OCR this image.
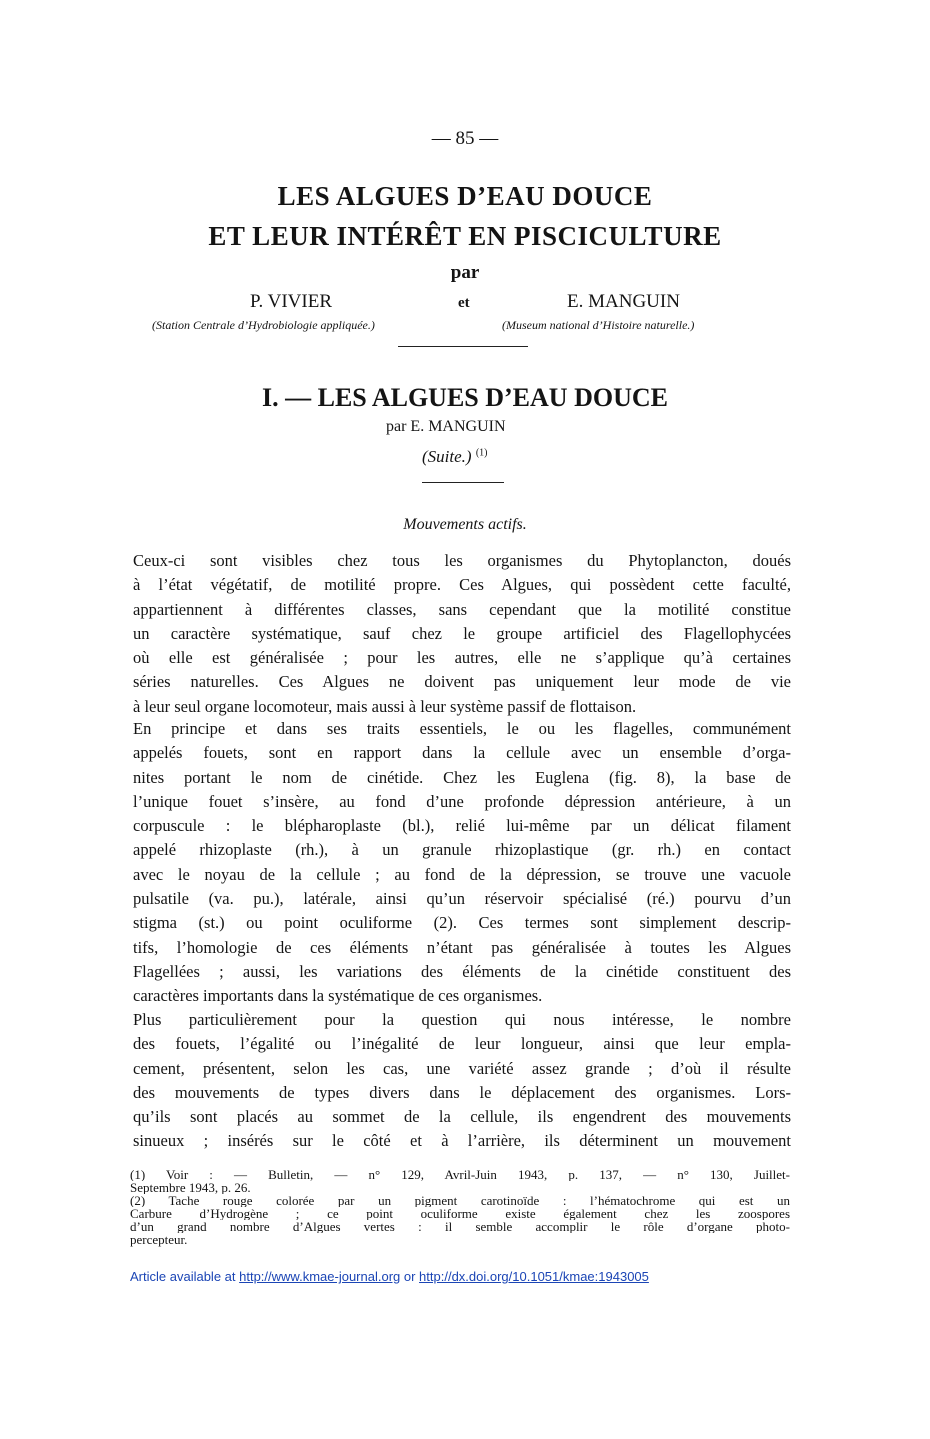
— 85 —
LES ALGUES D’EAU DOUCE
ET LEUR INTÉRÊT EN PISCICULTURE
par
P. VIVIER	et	E. MANGUIN
(Station Centrale d’Hydrobiologie appliquée.)	(Museum national d’Histoire naturelle.)
I. — LES ALGUES D’EAU DOUCE
par E. MANGUIN
(Suite.) $^{(1)}$
Mouvements actifs.
Ceux-ci sont visibles chez tous les organismes du Phytoplancton, doués
à l’état végétatif, de motilité propre. Ces Algues, qui possèdent cette faculté,
appartiennent à différentes classes, sans cependant que la motilité constitue
un caractère systématique, sauf chez le groupe artificiel des Flagellophycées
où elle est généralisée ; pour les autres, elle ne s’applique qu’à certaines
séries naturelles. Ces Algues ne doivent pas uniquement leur mode de vie
à leur seul organe locomoteur, mais aussi à leur système passif de flottaison.
En principe et dans ses traits essentiels, le ou les flagelles, communément
appelés fouets, sont en rapport dans la cellule avec un ensemble d’orga-
nites portant le nom de cinétide. Chez les Euglena (fig. 8), la base de
l’unique fouet s’insère, au fond d’une profonde dépression antérieure, à un
corpuscule : le blépharoplaste (bl.), relié lui-même par un délicat filament
appelé rhizoplaste (rh.), à un granule rhizoplastique (gr. rh.) en contact
avec le noyau de la cellule ; au fond de la dépression, se trouve une vacuole
pulsatile (va. pu.), latérale, ainsi qu’un réservoir spécialisé (ré.) pourvu d’un
stigma (st.) ou point oculiforme (2). Ces termes sont simplement descrip-
tifs, l’homologie de ces éléments n’étant pas généralisée à toutes les Algues
Flagellées ; aussi, les variations des éléments de la cinétide constituent des
caractères importants dans la systématique de ces organismes.
Plus particulièrement pour la question qui nous intéresse, le nombre
des fouets, l’égalité ou l’inégalité de leur longueur, ainsi que leur empla-
cement, présentent, selon les cas, une variété assez grande ; d’où il résulte
des mouvements de types divers dans le déplacement des organismes. Lors-
qu’ils sont placés au sommet de la cellule, ils engendrent des mouvements
sinueux ; insérés sur le côté et à l’arrière, ils déterminent un mouvement
(1) Voir : — Bulletin, — n° 129, Avril-Juin 1943, p. 137, — n° 130, Juillet-
Septembre 1943, p. 26.
(2) Tache rouge colorée par un pigment carotinoïde : l’hématochrome qui est un
Carbure d’Hydrogène ; ce point oculiforme existe également chez les zoospores
d’un grand nombre d’Algues vertes : il semble accomplir le rôle d’organe photo-
percepteur.
Article available at http://www.kmae-journal.org or http://dx.doi.org/10.1051/kmae:1943005
